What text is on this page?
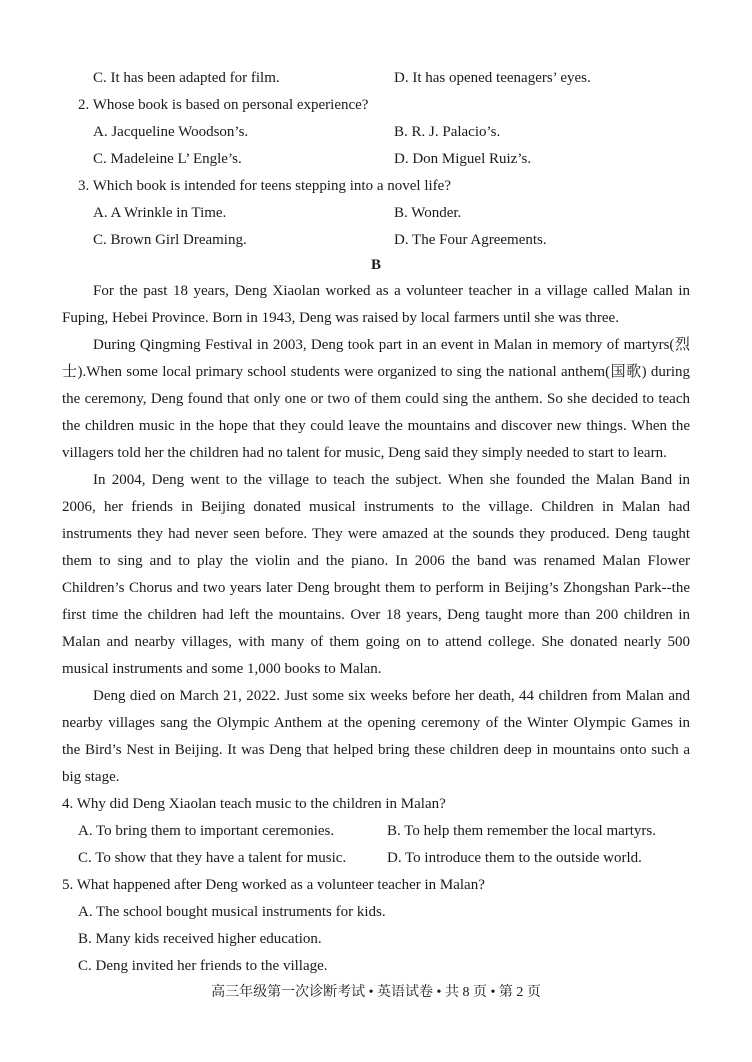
C. It has been adapted for film.	D. It has opened teenagers’ eyes.
2. Whose book is based on personal experience?
A. Jacqueline Woodson’s.	B. R. J. Palacio’s.
C. Madeleine L’ Engle’s.	D. Don Miguel Ruiz’s.
3. Which book is intended for teens stepping into a novel life?
A. A Wrinkle in Time.	B. Wonder.
C. Brown Girl Dreaming.	D. The Four Agreements.
B
For the past 18 years, Deng Xiaolan worked as a volunteer teacher in a village called Malan in
Fuping, Hebei Province. Born in 1943, Deng was raised by local farmers until she was three.
During Qingming Festival in 2003, Deng took part in an event in Malan in memory of martyrs(烈
士).When some local primary school students were organized to sing the national anthem(国歌) during
the ceremony, Deng found that only one or two of them could sing the anthem. So she decided to teach
the children music in the hope that they could leave the mountains and discover new things. When the
villagers told her the children had no talent for music, Deng said they simply needed to start to learn.
In 2004, Deng went to the village to teach the subject. When she founded the Malan Band in
2006, her friends in Beijing donated musical instruments to the village. Children in Malan had
instruments they had never seen before. They were amazed at the sounds they produced. Deng taught
them to sing and to play the violin and the piano. In 2006 the band was renamed Malan Flower
Children’s Chorus and two years later Deng brought them to perform in Beijing’s Zhongshan Park--the
first time the children had left the mountains. Over 18 years, Deng taught more than 200 children in
Malan and nearby villages, with many of them going on to attend college. She donated nearly 500
musical instruments and some 1,000 books to Malan.
Deng died on March 21, 2022. Just some six weeks before her death, 44 children from Malan and
nearby villages sang the Olympic Anthem at the opening ceremony of the Winter Olympic Games in
the Bird’s Nest in Beijing. It was Deng that helped bring these children deep in mountains onto such a
big stage.
4. Why did Deng Xiaolan teach music to the children in Malan?
A. To bring them to important ceremonies.	B. To help them remember the local martyrs.
C. To show that they have a talent for music.	D. To introduce them to the outside world.
5. What happened after Deng worked as a volunteer teacher in Malan?
A. The school bought musical instruments for kids.
B. Many kids received higher education.
C. Deng invited her friends to the village.
高三年级第一次诊断考试 • 英语试卷 • 共 8 页 • 第 2 页
